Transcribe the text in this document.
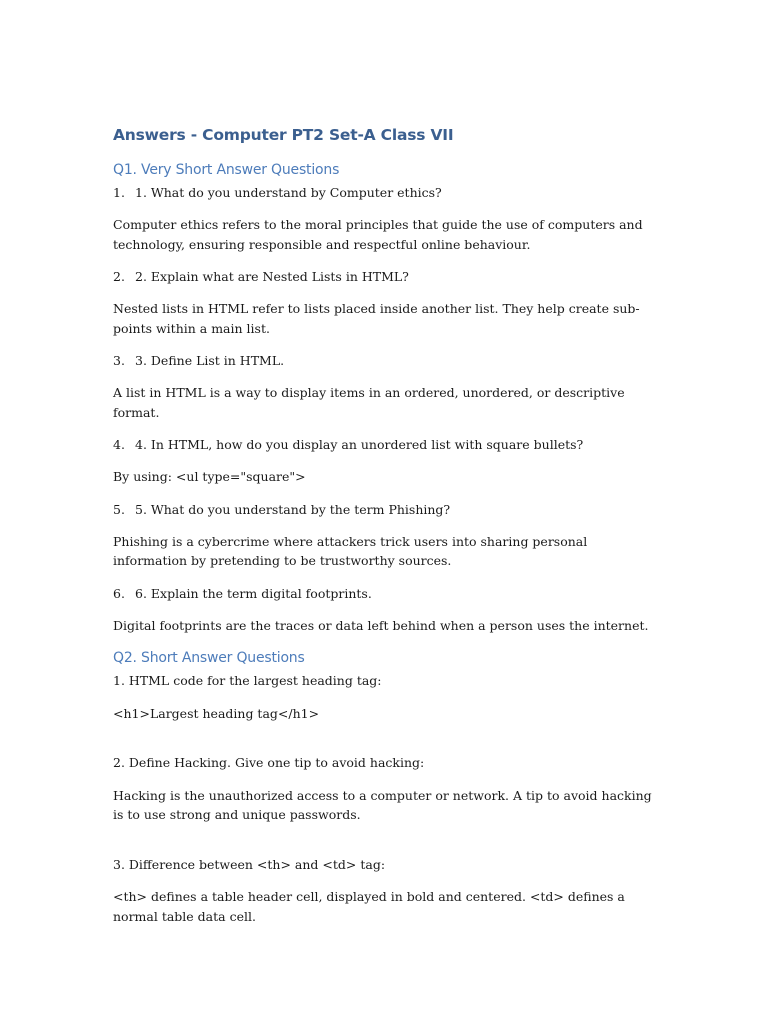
Answers - Computer PT2 Set-A Class VII
Q1. Very Short Answer Questions
1. 1. What do you understand by Computer ethics?
Computer ethics refers to the moral principles that guide the use of computers and technology, ensuring responsible and respectful online behaviour.
2. 2. Explain what are Nested Lists in HTML?
Nested lists in HTML refer to lists placed inside another list. They help create sub-points within a main list.
3. 3. Define List in HTML.
A list in HTML is a way to display items in an ordered, unordered, or descriptive format.
4. 4. In HTML, how do you display an unordered list with square bullets?
By using: <ul type="square">
5. 5. What do you understand by the term Phishing?
Phishing is a cybercrime where attackers trick users into sharing personal information by pretending to be trustworthy sources.
6. 6. Explain the term digital footprints.
Digital footprints are the traces or data left behind when a person uses the internet.
Q2. Short Answer Questions
1. HTML code for the largest heading tag:
<h1>Largest heading tag</h1>
2. Define Hacking. Give one tip to avoid hacking:
Hacking is the unauthorized access to a computer or network. A tip to avoid hacking is to use strong and unique passwords.
3. Difference between <th> and <td> tag:
<th> defines a table header cell, displayed in bold and centered. <td> defines a normal table data cell.
